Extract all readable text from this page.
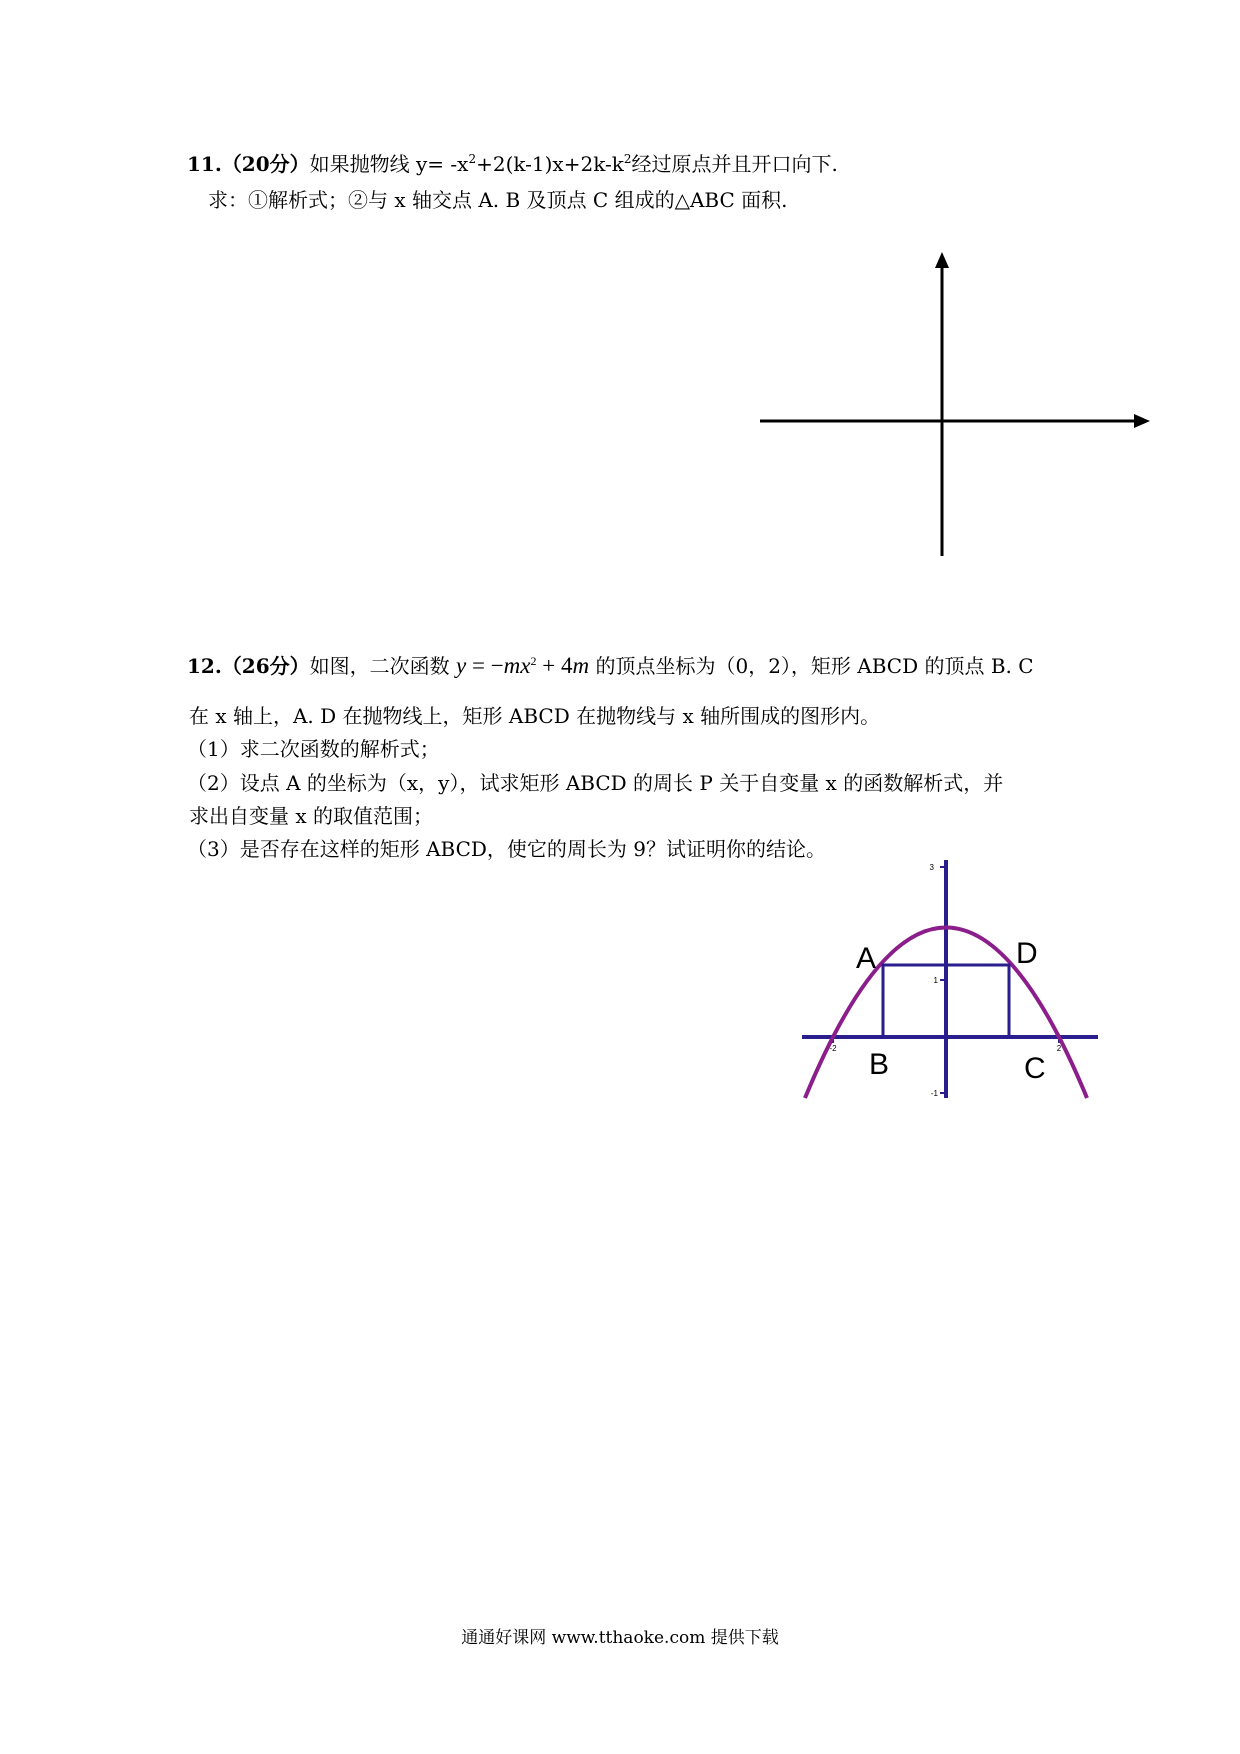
11.（20分）如果抛物线 $y= -x^2+2(k-1)x+2k-k^2$经过原点并且开口向下.
求：①解析式；②与 x 轴交点 A. B 及顶点 C 组成的△ABC 面积.
12.（26分）如图，二次函数 $y = -mx^2 + 4m$ 的顶点坐标为（0，2），矩形 ABCD 的顶点 B. C
在 x 轴上，A. D 在抛物线上，矩形 ABCD 在抛物线与 x 轴所围成的图形内。
（1）求二次函数的解析式；
（2）设点 A 的坐标为（x，y），试求矩形 ABCD 的周长 P 关于自变量 x 的函数解析式，并
求出自变量 x 的取值范围；
（3）是否存在这样的矩形 ABCD，使它的周长为 9？试证明你的结论。
3
1
-1
-2	2
A
B	C
D
通通好课网 www.tthaoke.com 提供下载
